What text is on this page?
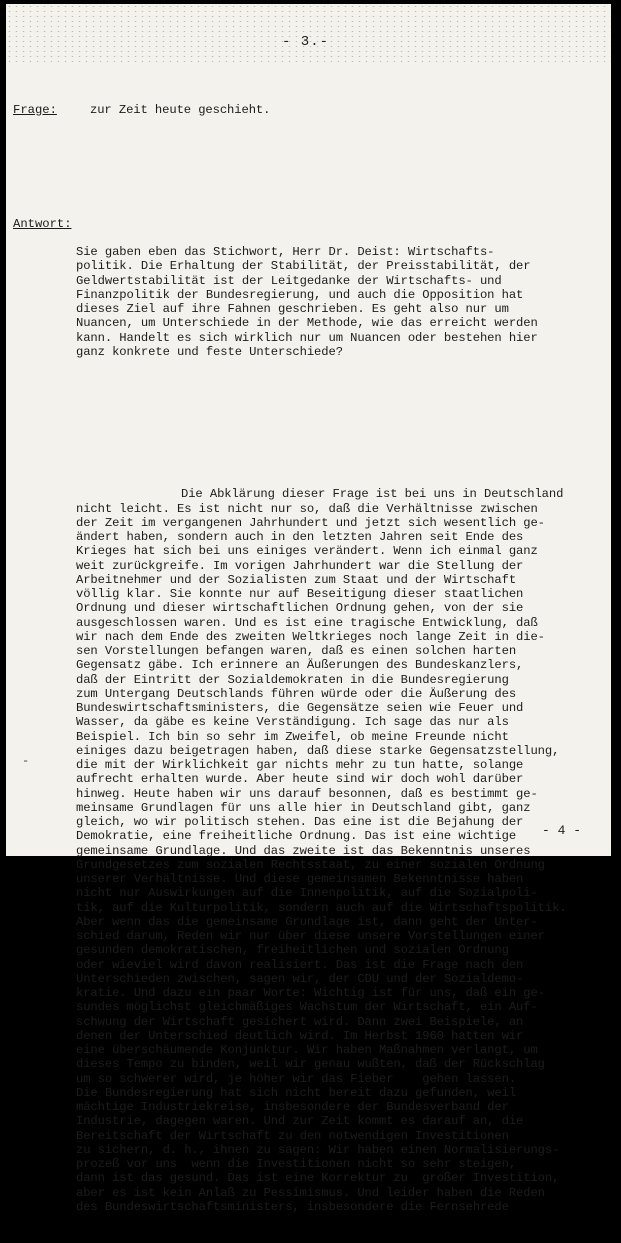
- 3.-

zur Zeit heute geschieht.

Sie gaben eben das Stichwort, Herr Dr. Deist: Wirtschafts-
politik. Die Erhaltung der Stabilität, der Preisstabilität, der
Geldwertstabilität ist der Leitgedanke der Wirtschafts- und
Finanzpolitik der Bundesregierung, und auch die Opposition hat
dieses Ziel auf ihre Fahnen geschrieben. Es geht also nur um
Nuancen, um Unterschiede in der Methode, wie das erreicht werden
kann. Handelt es sich wirklich nur um Nuancen oder bestehen hier
ganz konkrete und feste Unterschiede?

Die Abklärung dieser Frage ist bei uns in Deutschland
nicht leicht. Es ist nicht nur so, daß die Verhältnisse zwischen
der Zeit im vergangenen Jahrhundert und jetzt sich wesentlich ge-
ändert haben, sondern auch in den letzten Jahren seit Ende des
Krieges hat sich bei uns einiges verändert. Wenn ich einmal ganz
weit zurückgreife. Im vorigen Jahrhundert war die Stellung der
Arbeitnehmer und der Sozialisten zum Staat und der Wirtschaft
völlig klar. Sie konnte nur auf Beseitigung dieser staatlichen
Ordnung und dieser wirtschaftlichen Ordnung gehen, von der sie
ausgeschlossen waren. Und es ist eine tragische Entwicklung, daß
wir nach dem Ende des zweiten Weltkrieges noch lange Zeit in die-
sen Vorstellungen befangen waren, daß es einen solchen harten
Gegensatz gäbe. Ich erinnere an Äußerungen des Bundeskanzlers,
daß der Eintritt der Sozialdemokraten in die Bundesregierung
zum Untergang Deutschlands führen würde oder die Äußerung des
Bundeswirtschaftsministers, die Gegensätze seien wie Feuer und
Wasser, da gäbe es keine Verständigung. Ich sage das nur als
Beispiel. Ich bin so sehr im Zweifel, ob meine Freunde nicht
einiges dazu beigetragen haben, daß diese starke Gegensatzstellung,
die mit der Wirklichkeit gar nichts mehr zu tun hatte, solange
aufrecht erhalten wurde. Aber heute sind wir doch wohl darüber
hinweg. Heute haben wir uns darauf besonnen, daß es bestimmt ge-
meinsame Grundlagen für uns alle hier in Deutschland gibt, ganz
gleich, wo wir politisch stehen. Das eine ist die Bejahung der
Demokratie, eine freiheitliche Ordnung. Das ist eine wichtige
gemeinsame Grundlage. Und das zweite ist das Bekenntnis unseres
Grundgesetzes zum sozialen Rechtsstaat, zu einer sozialen Ordnung
unserer Verhältnisse. Und diese gemeinsamen Bekenntnisse haben
nicht nur Auswirkungen auf die Innenpolitik, auf die Sozialpoli-
tik, auf die Kulturpolitik, sondern auch auf die Wirtschaftspolitik.
Aber wenn das die gemeinsame Grundlage ist, dann geht der Unter-
schied darum, Reden wir nur über diese unsere Vorstellungen einer
gesunden demokratischen, freiheitlichen und sozialen Ordnung
oder wieviel wird davon realisiert. Das ist die Frage nach den
Unterschieden zwischen, sagen wir, der CDU und der Sozialdemo-
kratie. Und dazu ein paar Worte: Wichtig ist für uns, daß ein ge-
sundes möglichst gleichmäßiges Wachstum der Wirtschaft, ein Auf-
schwung der Wirtschaft gesichert wird. Dann zwei Beispiele, an
denen der Unterschied deutlich wird. Im Herbst 1960 hatten wir
eine überschäumende Konjunktur. Wir haben Maßnahmen verlangt, um
dieses Tempo zu binden, weil wir genau wußten, daß der Rückschlag
um so schwerer wird, je höher wir das Fieber    gehen lassen.
Die Bundesregierung hat sich nicht bereit dazu gefunden, weil
mächtige Industriekreise, insbesondere der Bundesverband der
Industrie, dagegen waren. Und zur Zeit kommt es darauf an, die
Bereitschaft der Wirtschaft zu den notwendigen Investitionen
zu sichern, d. h., ihnen zu sagen: Wir haben einen Normalisierungs-
prozeß vor uns  wenn die Investitionen nicht so sehr steigen,
dann ist das gesund. Das ist eine Korrektur zu  großer Investition,
aber es ist kein Anlaß zu Pessimismus. Und leider haben die Reden
des Bundeswirtschaftsministers, insbesondere die Fernsehrede

Frage:
Antwort:
-
- 4 -
